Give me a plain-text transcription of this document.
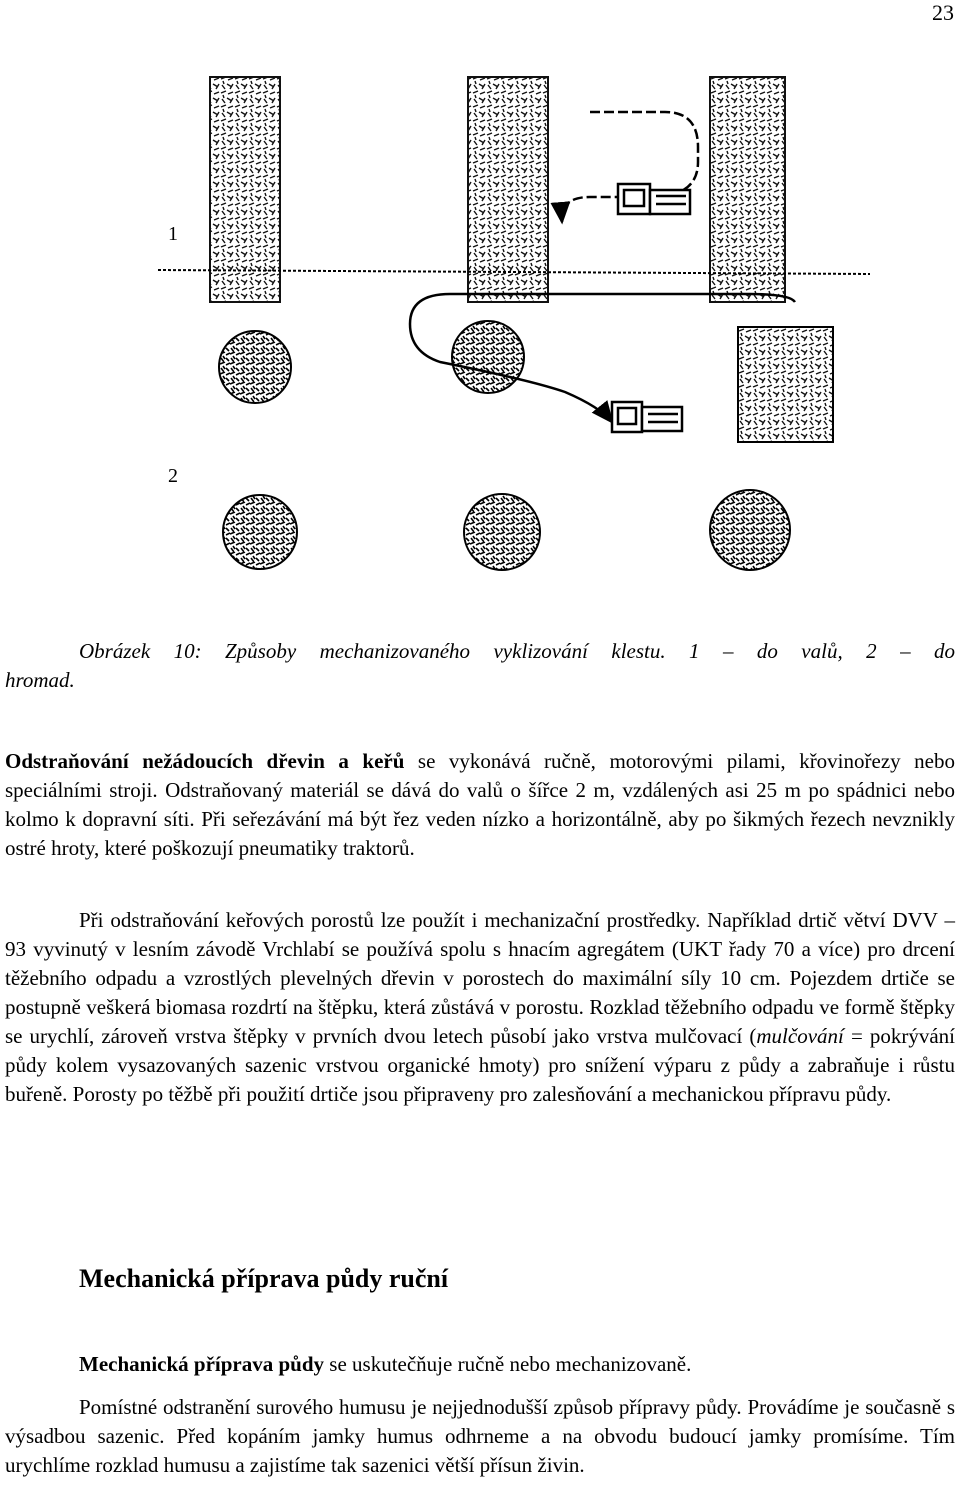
23
1
2
Obrázek 10: Způsoby mechanizovaného vyklizování klestu. 1 – do valů, 2 – do
hromad.

Odstraňování nežádoucích dřevin a keřů se vykonává ručně, motorovými pilami, křovinořezy nebo speciálními stroji. Odstraňovaný materiál se dává do valů o šířce 2 m, vzdálených asi 25 m po spádnici nebo kolmo k dopravní síti. Při seřezávání má být řez veden nízko a horizontálně, aby po šikmých řezech nevznikly ostré hroty, které poškozují pneumatiky traktorů.

Při odstraňování keřových porostů lze použít i mechanizační prostředky. Například drtič větví DVV – 93 vyvinutý v lesním závodě Vrchlabí se používá spolu s hnacím agregátem (UKT řady 70 a více) pro drcení těžebního odpadu a vzrostlých plevelných dřevin v porostech do maximální síly 10 cm. Pojezdem drtiče se postupně veškerá biomasa rozdrtí na štěpku, která zůstává v porostu. Rozklad těžebního odpadu ve formě štěpky se urychlí, zároveň vrstva štěpky v prvních dvou letech působí jako vrstva mulčovací (mulčování = pokrývání půdy kolem vysazovaných sazenic vrstvou organické hmoty) pro snížení výparu z půdy a zabraňuje i růstu buřeně. Porosty po těžbě při použití drtiče jsou připraveny pro zalesňování a mechanickou přípravu půdy.

Mechanická příprava půdy ruční

Mechanická příprava půdy se uskutečňuje ručně nebo mechanizovaně.

Pomístné odstranění surového humusu je nejjednodušší způsob přípravy půdy. Provádíme je současně s výsadbou sazenic. Před kopáním jamky humus odhrneme a na obvodu budoucí jamky promísíme. Tím urychlíme rozklad humusu a zajistíme tak sazenici větší přísun živin.
